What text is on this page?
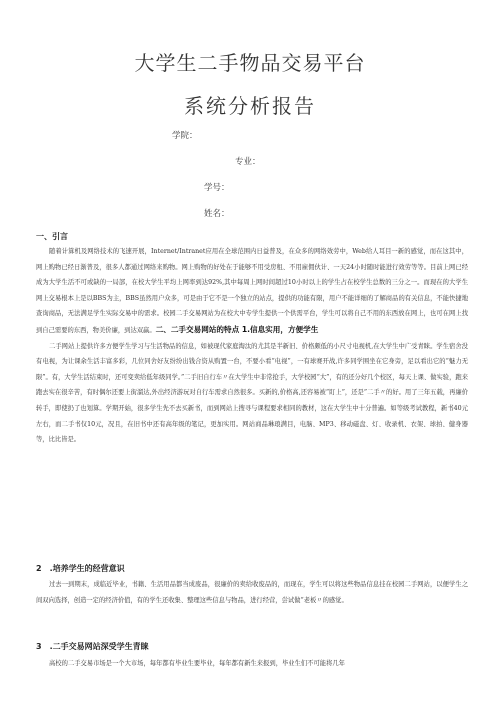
大学生二手物品交易平台
系统分析报告
学院：
专业：
学号：
姓名：
一、引言

随着计算机及网络技术的飞速开展，Internet/Intranet应用在全球范围内日益普及，在众多的网络效劳中，Web给人耳目一新的感觉，而在这其中，网上购物已经日渐普及，很多人都通过网络来购物。网上购物的好处在于能够不用受房租、不用雇佣伙计、一天24小时随时能进行效劳等等。目前上网已经成为大学生活不可或缺的一局部，在校大学生平均上网率到达92%,其中每周上网时间超过10小时以上的学生占在校学生总数的三分之一。而现在的大学生网上交易根本上是以BBS为主，BBS虽然用户众多，可是由于它不是一个独立的站点，提供的功能有限，用户不能详细的了解商品的有关信息，不能快捷地查询商品，无法满足学生实际交易中的需求。校园二手交易网站为在校大中专学生提供一个供需平台，学生可以将自己不用的东西放在网上，也可在网上找到自己需要的东西，物美价廉，到达双赢。二、二手交易网站的特点 1.信息实用，方便学生

二手网站上提供许多方便学生学习与生活物品的信息，如被现代家庭淘汰的尤其是半新旧、价格颇低的小尺寸电视机,在大学生中广受青睐。学生宿舍没有电视，为让课余生活丰富多彩，几位同舍好友纷纷出钱合资从购置一台，不要小看“电视”，一有球赛开战,许多同学围坐在它身旁，足以看出它的“魅力无限”。有，大学生活结束时，还可变卖给低年级同学。”二手旧自行车〃在大学生中非常抢手，大学校园“大”，有的还分好几个校区，每天上课、做实验，跑来跑去实在很辛苦，有时偶尔还要上街溜达,外出经济游玩对自行车需求自然很多。买新的,价格高,还容易被“盯上”，还是”二手〃的好。用了三年五载，再廉价转手，即使扔了也划算。学期开始，很多学生先不去买新书，而到网站上搜寻与课程要求相同的教材，这在大学生中十分普遍。如等级考试教程，新书40元左右，而二手书仅10元，况且，在旧书中还有高年级的笔记，更加实用。网站商品琳琅满目，电脑、MP3、移动磁盘、灯、收录机、衣架、球拍、健身器等，比比皆是。

2　.培养学生的经营意识

过去一到期末，成临近毕业，书籍、生活用品都当成废品，很廉价的卖给收废品的，而现在，学生可以将这些物品信息挂在校园二手网站，以便学生之间双向选择，创造一定的经济价值，有的学生还收集、整理这些信息与物品，进行经营，尝试做“老板〃的感觉。

3　.二手交易网站深受学生青睐

高校的二手交易市场是一个大市场，每年都有毕业生要毕业，每年都有新生来报到，毕业生们不可能将几年
